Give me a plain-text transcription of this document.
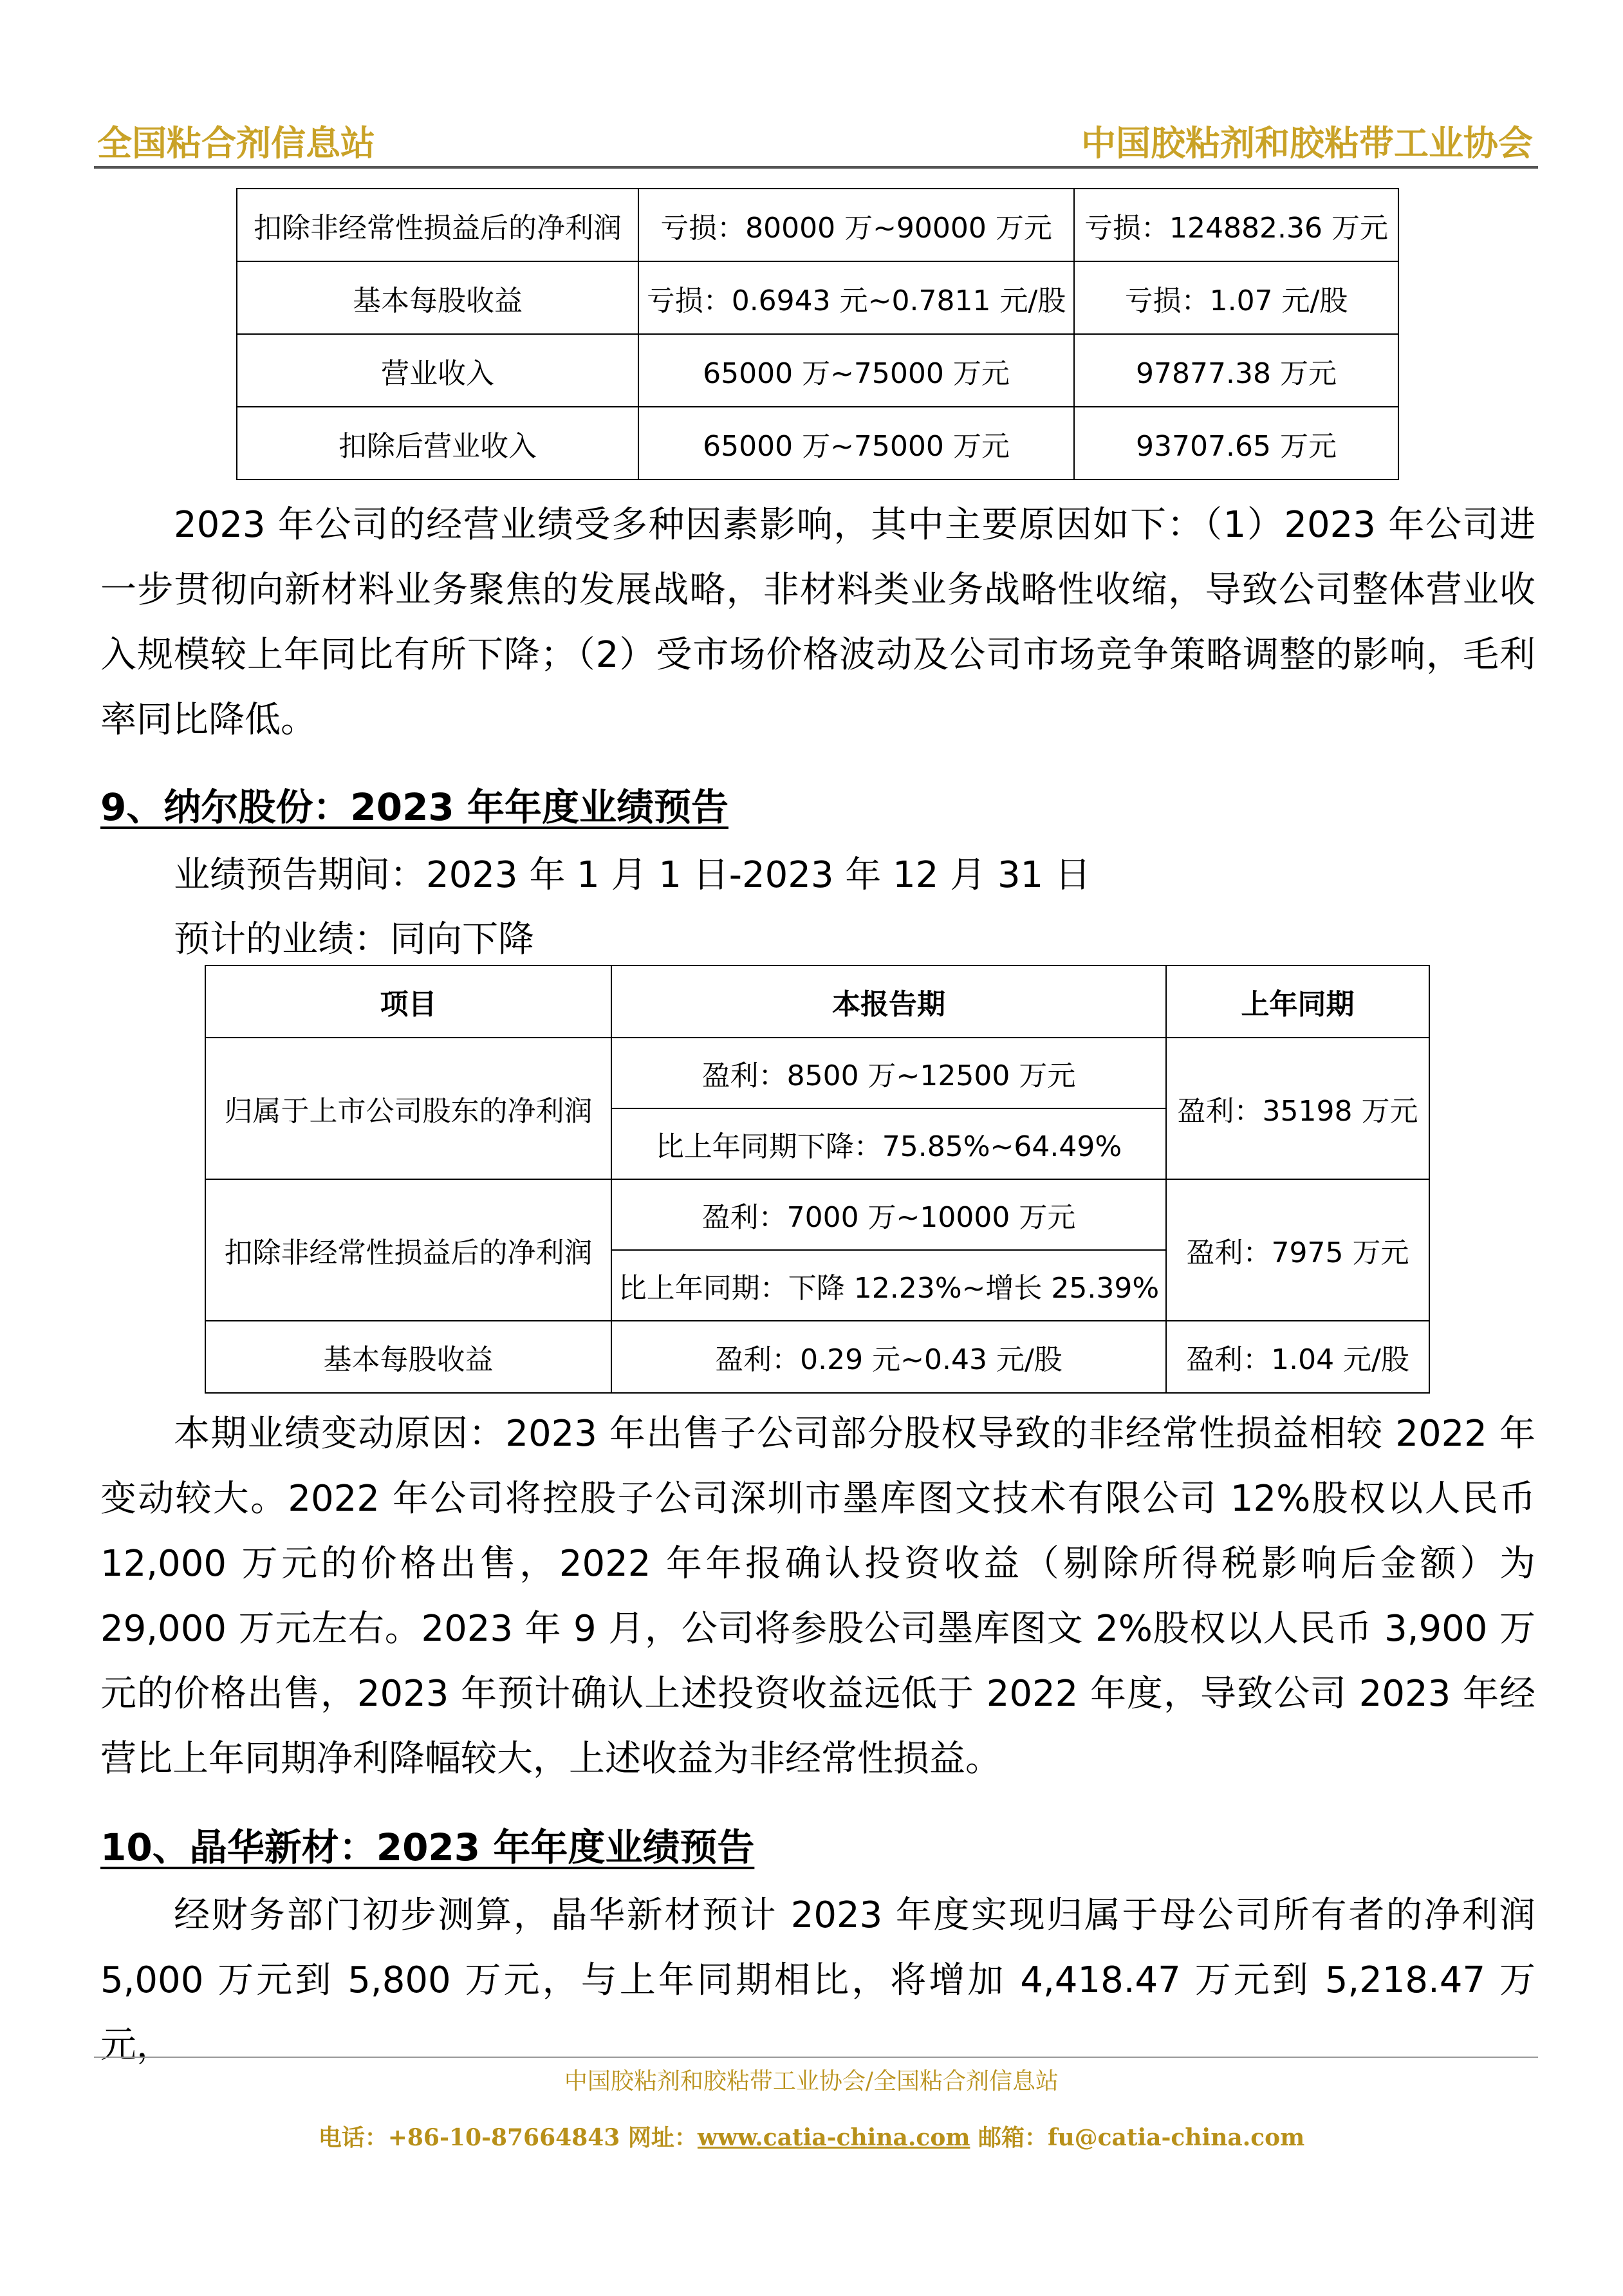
全国粘合剂信息站	中国胶粘剂和胶粘带工业协会
扣除非经常性损益后的净利润	亏损：80000 万~90000 万元	亏损：124882.36 万元
基本每股收益	亏损：0.6943 元~0.7811 元/股	亏损：1.07 元/股
营业收入	65000 万~75000 万元	97877.38 万元
扣除后营业收入	65000 万~75000 万元	93707.65 万元

2023 年公司的经营业绩受多种因素影响，其中主要原因如下：（1）2023 年公司进一步贯彻向新材料业务聚焦的发展战略，非材料类业务战略性收缩，导致公司整体营业收入规模较上年同比有所下降；（2）受市场价格波动及公司市场竞争策略调整的影响，毛利率同比降低。

9、纳尔股份：2023 年年度业绩预告
业绩预告期间：2023 年 1 月 1 日-2023 年 12 月 31 日
预计的业绩：同向下降
项目	本报告期	上年同期
归属于上市公司股东的净利润	盈利：8500 万~12500 万元	盈利：35198 万元
	比上年同期下降：75.85%~64.49%	
扣除非经常性损益后的净利润	盈利：7000 万~10000 万元	盈利：7975 万元
	比上年同期：下降 12.23%~增长 25.39%	
基本每股收益	盈利：0.29 元~0.43 元/股	盈利：1.04 元/股

本期业绩变动原因：2023 年出售子公司部分股权导致的非经常性损益相较 2022 年变动较大。2022 年公司将控股子公司深圳市墨库图文技术有限公司 12%股权以人民币 12,000 万元的价格出售，2022 年年报确认投资收益（剔除所得税影响后金额）为 29,000 万元左右。2023 年 9 月，公司将参股公司墨库图文 2%股权以人民币 3,900 万元的价格出售，2023 年预计确认上述投资收益远低于 2022 年度，导致公司 2023 年经营比上年同期净利降幅较大，上述收益为非经常性损益。

10、晶华新材：2023 年年度业绩预告

经财务部门初步测算，晶华新材预计 2023 年度实现归属于母公司所有者的净利润 5,000 万元到 5,800 万元，与上年同期相比，将增加 4,418.47 万元到 5,218.47 万元，

中国胶粘剂和胶粘带工业协会/全国粘合剂信息站
电话：+86-10-87664843 网址：www.catia-china.com 邮箱：fu@catia-china.com
